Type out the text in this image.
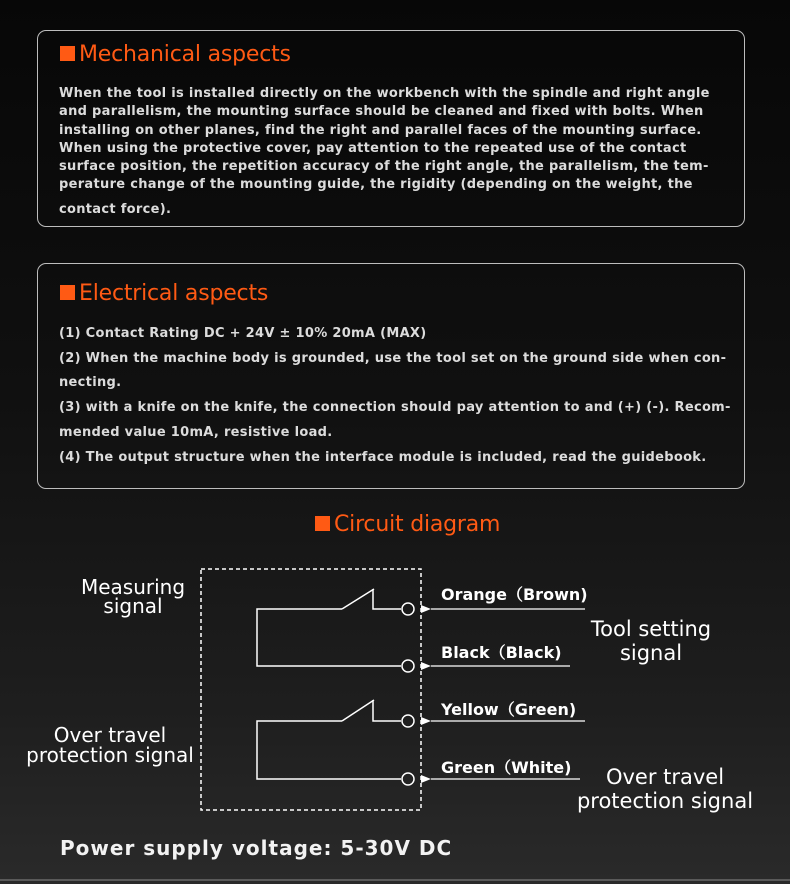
Mechanical aspects

When the tool is installed directly on the workbench with the spindle and right angle
and parallelism, the mounting surface should be cleaned and fixed with bolts. When
installing on other planes, find the right and parallel faces of the mounting surface.
When using the protective cover, pay attention to the repeated use of the contact
surface position, the repetition accuracy of the right angle, the parallelism, the tem-
perature change of the mounting guide, the rigidity (depending on the weight, the
contact force).

Electrical aspects
(1) Contact Rating DC + 24V ± 10% 20mA (MAX)
(2) When the machine body is grounded, use the tool set on the ground side when con-
necting.
(3) with a knife on the knife, the connection should pay attention to and (+) (-). Recom-
mended value 10mA, resistive load.
(4) The output structure when the interface module is included, read the guidebook.
Circuit diagram
Orange（Brown)
Black（Black)
Yellow（Green)
Green（White)
Measuring
signal
Over travel
protection signal
Tool setting
signal
Over travel
protection signal

Power supply voltage: 5-30V DC
